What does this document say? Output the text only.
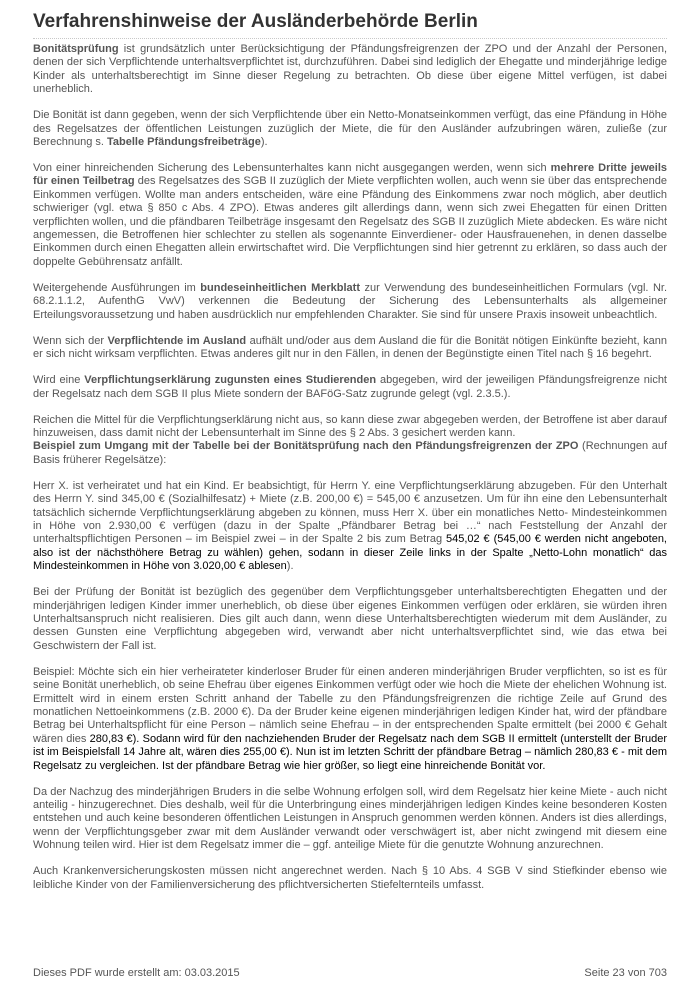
Verfahrenshinweise der Ausländerbehörde Berlin

Bonitätsprüfung ist grundsätzlich unter Berücksichtigung der Pfändungsfreigrenzen der ZPO und der Anzahl der Personen, denen der sich Verpflichtende unterhaltsverpflichtet ist, durchzuführen. Dabei sind lediglich der Ehegatte und minderjährige ledige Kinder als unterhaltsberechtigt im Sinne dieser Regelung zu betrachten. Ob diese über eigene Mittel verfügen, ist dabei unerheblich.

Die Bonität ist dann gegeben, wenn der sich Verpflichtende über ein Netto-Monatseinkommen verfügt, das eine Pfändung in Höhe des Regelsatzes der öffentlichen Leistungen zuzüglich der Miete, die für den Ausländer aufzubringen wären, zuließe (zur Berechnung s. Tabelle Pfändungsfreibeträge).

Von einer hinreichenden Sicherung des Lebensunterhaltes kann nicht ausgegangen werden, wenn sich mehrere Dritte jeweils für einen Teilbetrag des Regelsatzes des SGB II zuzüglich der Miete verpflichten wollen, auch wenn sie über das entsprechende Einkommen verfügen. Wollte man anders entscheiden, wäre eine Pfändung des Einkommens zwar noch möglich, aber deutlich schwieriger (vgl. etwa § 850 c Abs. 4 ZPO). Etwas anderes gilt allerdings dann, wenn sich zwei Ehegatten für einen Dritten verpflichten wollen, und die pfändbaren Teilbeträge insgesamt den Regelsatz des SGB II zuzüglich Miete abdecken. Es wäre nicht angemessen, die Betroffenen hier schlechter zu stellen als sogenannte Einverdiener- oder Hausfrauenehen, in denen dasselbe Einkommen durch einen Ehegatten allein erwirtschaftet wird. Die Verpflichtungen sind hier getrennt zu erklären, so dass auch der doppelte Gebührensatz anfällt.

Weitergehende Ausführungen im bundeseinheitlichen Merkblatt zur Verwendung des bundeseinheitlichen Formulars (vgl. Nr. 68.2.1.1.2, AufenthG VwV) verkennen die Bedeutung der Sicherung des Lebensunterhalts als allgemeiner Erteilungsvoraussetzung und haben ausdrücklich nur empfehlenden Charakter. Sie sind für unsere Praxis insoweit unbeachtlich.

Wenn sich der Verpflichtende im Ausland aufhält und/oder aus dem Ausland die für die Bonität nötigen Einkünfte bezieht, kann er sich nicht wirksam verpflichten. Etwas anderes gilt nur in den Fällen, in denen der Begünstigte einen Titel nach § 16 begehrt.

Wird eine Verpflichtungserklärung zugunsten eines Studierenden abgegeben, wird der jeweiligen Pfändungsfreigrenze nicht der Regelsatz nach dem SGB II plus Miete sondern der BAFöG-Satz zugrunde gelegt (vgl. 2.3.5.).

Reichen die Mittel für die Verpflichtungserklärung nicht aus, so kann diese zwar abgegeben werden, der Betroffene ist aber darauf hinzuweisen, dass damit nicht der Lebensunterhalt im Sinne des § 2 Abs. 3 gesichert werden kann.

Beispiel zum Umgang mit der Tabelle bei der Bonitätsprüfung nach den Pfändungsfreigrenzen der ZPO (Rechnungen auf Basis früherer Regelsätze):

Herr X. ist verheiratet und hat ein Kind. Er beabsichtigt, für Herrn Y. eine Verpflichtungserklärung abzugeben. Für den Unterhalt des Herrn Y. sind 345,00 € (Sozialhilfesatz) + Miete (z.B. 200,00 €) = 545,00 € anzusetzen. Um für ihn eine den Lebensunterhalt tatsächlich sichernde Verpflichtungserklärung abgeben zu können, muss Herr X. über ein monatliches Netto- Mindesteinkommen in Höhe von 2.930,00 € verfügen (dazu in der Spalte „Pfändbarer Betrag bei …“ nach Feststellung der Anzahl der unterhaltspflichtigen Personen – im Beispiel zwei – in der Spalte 2 bis zum Betrag 545,02 € (545,00 € werden nicht angeboten, also ist der nächsthöhere Betrag zu wählen) gehen, sodann in dieser Zeile links in der Spalte „Netto-Lohn monatlich“ das Mindesteinkommen in Höhe von 3.020,00 € ablesen).

Bei der Prüfung der Bonität ist bezüglich des gegenüber dem Verpflichtungsgeber unterhaltsberechtigten Ehegatten und der minderjährigen ledigen Kinder immer unerheblich, ob diese über eigenes Einkommen verfügen oder erklären, sie würden ihren Unterhaltsanspruch nicht realisieren. Dies gilt auch dann, wenn diese Unterhaltsberechtigten wiederum mit dem Ausländer, zu dessen Gunsten eine Verpflichtung abgegeben wird, verwandt aber nicht unterhaltsverpflichtet sind, wie das etwa bei Geschwistern der Fall ist.

Beispiel: Möchte sich ein hier verheirateter kinderloser Bruder für einen anderen minderjährigen Bruder verpflichten, so ist es für seine Bonität unerheblich, ob seine Ehefrau über eigenes Einkommen verfügt oder wie hoch die Miete der ehelichen Wohnung ist. Ermittelt wird in einem ersten Schritt anhand der Tabelle zu den Pfändungsfreigrenzen die richtige Zeile auf Grund des monatlichen Nettoeinkommens (z.B. 2000 €). Da der Bruder keine eigenen minderjährigen ledigen Kinder hat, wird der pfändbare Betrag bei Unterhaltspflicht für eine Person – nämlich seine Ehefrau – in der entsprechenden Spalte ermittelt (bei 2000 € Gehalt wären dies 280,83 €). Sodann wird für den nachziehenden Bruder der Regelsatz nach dem SGB II ermittelt (unterstellt der Bruder ist im Beispielsfall 14 Jahre alt, wären dies 255,00 €). Nun ist im letzten Schritt der pfändbare Betrag – nämlich 280,83 € - mit dem Regelsatz zu vergleichen. Ist der pfändbare Betrag wie hier größer, so liegt eine hinreichende Bonität vor.

Da der Nachzug des minderjährigen Bruders in die selbe Wohnung erfolgen soll, wird dem Regelsatz hier keine Miete - auch nicht anteilig - hinzugerechnet. Dies deshalb, weil für die Unterbringung eines minderjährigen ledigen Kindes keine besonderen Kosten entstehen und auch keine besonderen öffentlichen Leistungen in Anspruch genommen werden können. Anders ist dies allerdings, wenn der Verpflichtungsgeber zwar mit dem Ausländer verwandt oder verschwägert ist, aber nicht zwingend mit diesem eine Wohnung teilen wird. Hier ist dem Regelsatz immer die – ggf. anteilige Miete für die genutzte Wohnung anzurechnen.

Auch Krankenversicherungskosten müssen nicht angerechnet werden. Nach § 10 Abs. 4 SGB V sind Stiefkinder ebenso wie leibliche Kinder von der Familienversicherung des pflichtversicherten Stiefelternteils umfasst.

Dieses PDF wurde erstellt am: 03.03.2015	Seite 23 von 703
